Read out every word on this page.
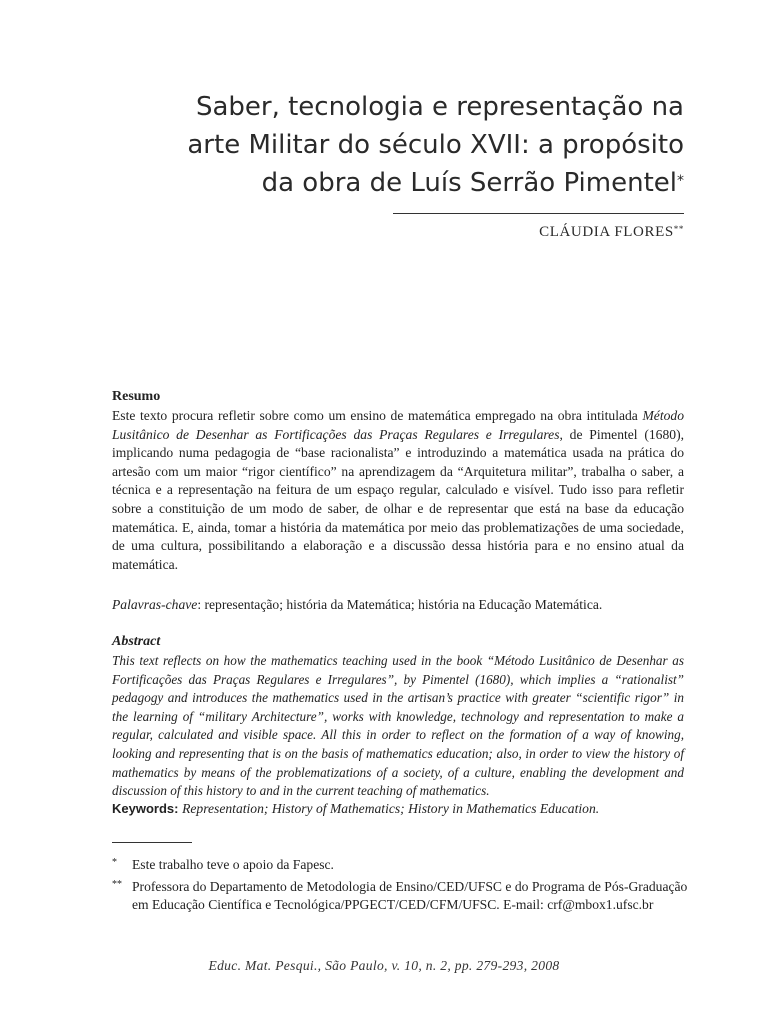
Saber, tecnologia e representação na
arte Militar do século XVII: a propósito
da obra de Luís Serrão Pimentel*
CLÁUDIA FLORES**
Resumo
Este texto procura refletir sobre como um ensino de matemática empregado na obra intitulada Método Lusitânico de Desenhar as Fortificações das Praças Regulares e Irregulares, de Pimentel (1680), implicando numa pedagogia de “base racionalista” e introduzindo a matemática usada na prática do artesão com um maior “rigor científico” na aprendizagem da “Arquitetura militar”, trabalha o saber, a técnica e a representação na feitura de um espaço regular, calculado e visível. Tudo isso para refletir sobre a constituição de um modo de saber, de olhar e de representar que está na base da educação matemática. E, ainda, tomar a história da matemática por meio das problematizações de uma sociedade, de uma cultura, possibilitando a elaboração e a discussão dessa história para e no ensino atual da matemática.
Palavras-chave: representação; história da Matemática; história na Educação Matemática.
Abstract
This text reflects on how the mathematics teaching used in the book “Método Lusitânico de Desenhar as Fortificações das Praças Regulares e Irregulares”, by Pimentel (1680), which implies a “rationalist” pedagogy and introduces the mathematics used in the artisan’s practice with greater “scientific rigor” in the learning of “military Architecture”, works with knowledge, technology and representation to make a regular, calculated and visible space. All this in order to reflect on the formation of a way of knowing, looking and representing that is on the basis of mathematics education; also, in order to view the history of mathematics by means of the problematizations of a society, of a culture, enabling the development and discussion of this history to and in the current teaching of mathematics.
Keywords: Representation; History of Mathematics; History in Mathematics Education.
* Este trabalho teve o apoio da Fapesc.
** Professora do Departamento de Metodologia de Ensino/CED/UFSC e do Programa de Pós-Graduação em Educação Científica e Tecnológica/PPGECT/CED/CFM/UFSC. E-mail: crf@mbox1.ufsc.br
Educ. Mat. Pesqui., São Paulo, v. 10, n. 2, pp. 279-293, 2008
